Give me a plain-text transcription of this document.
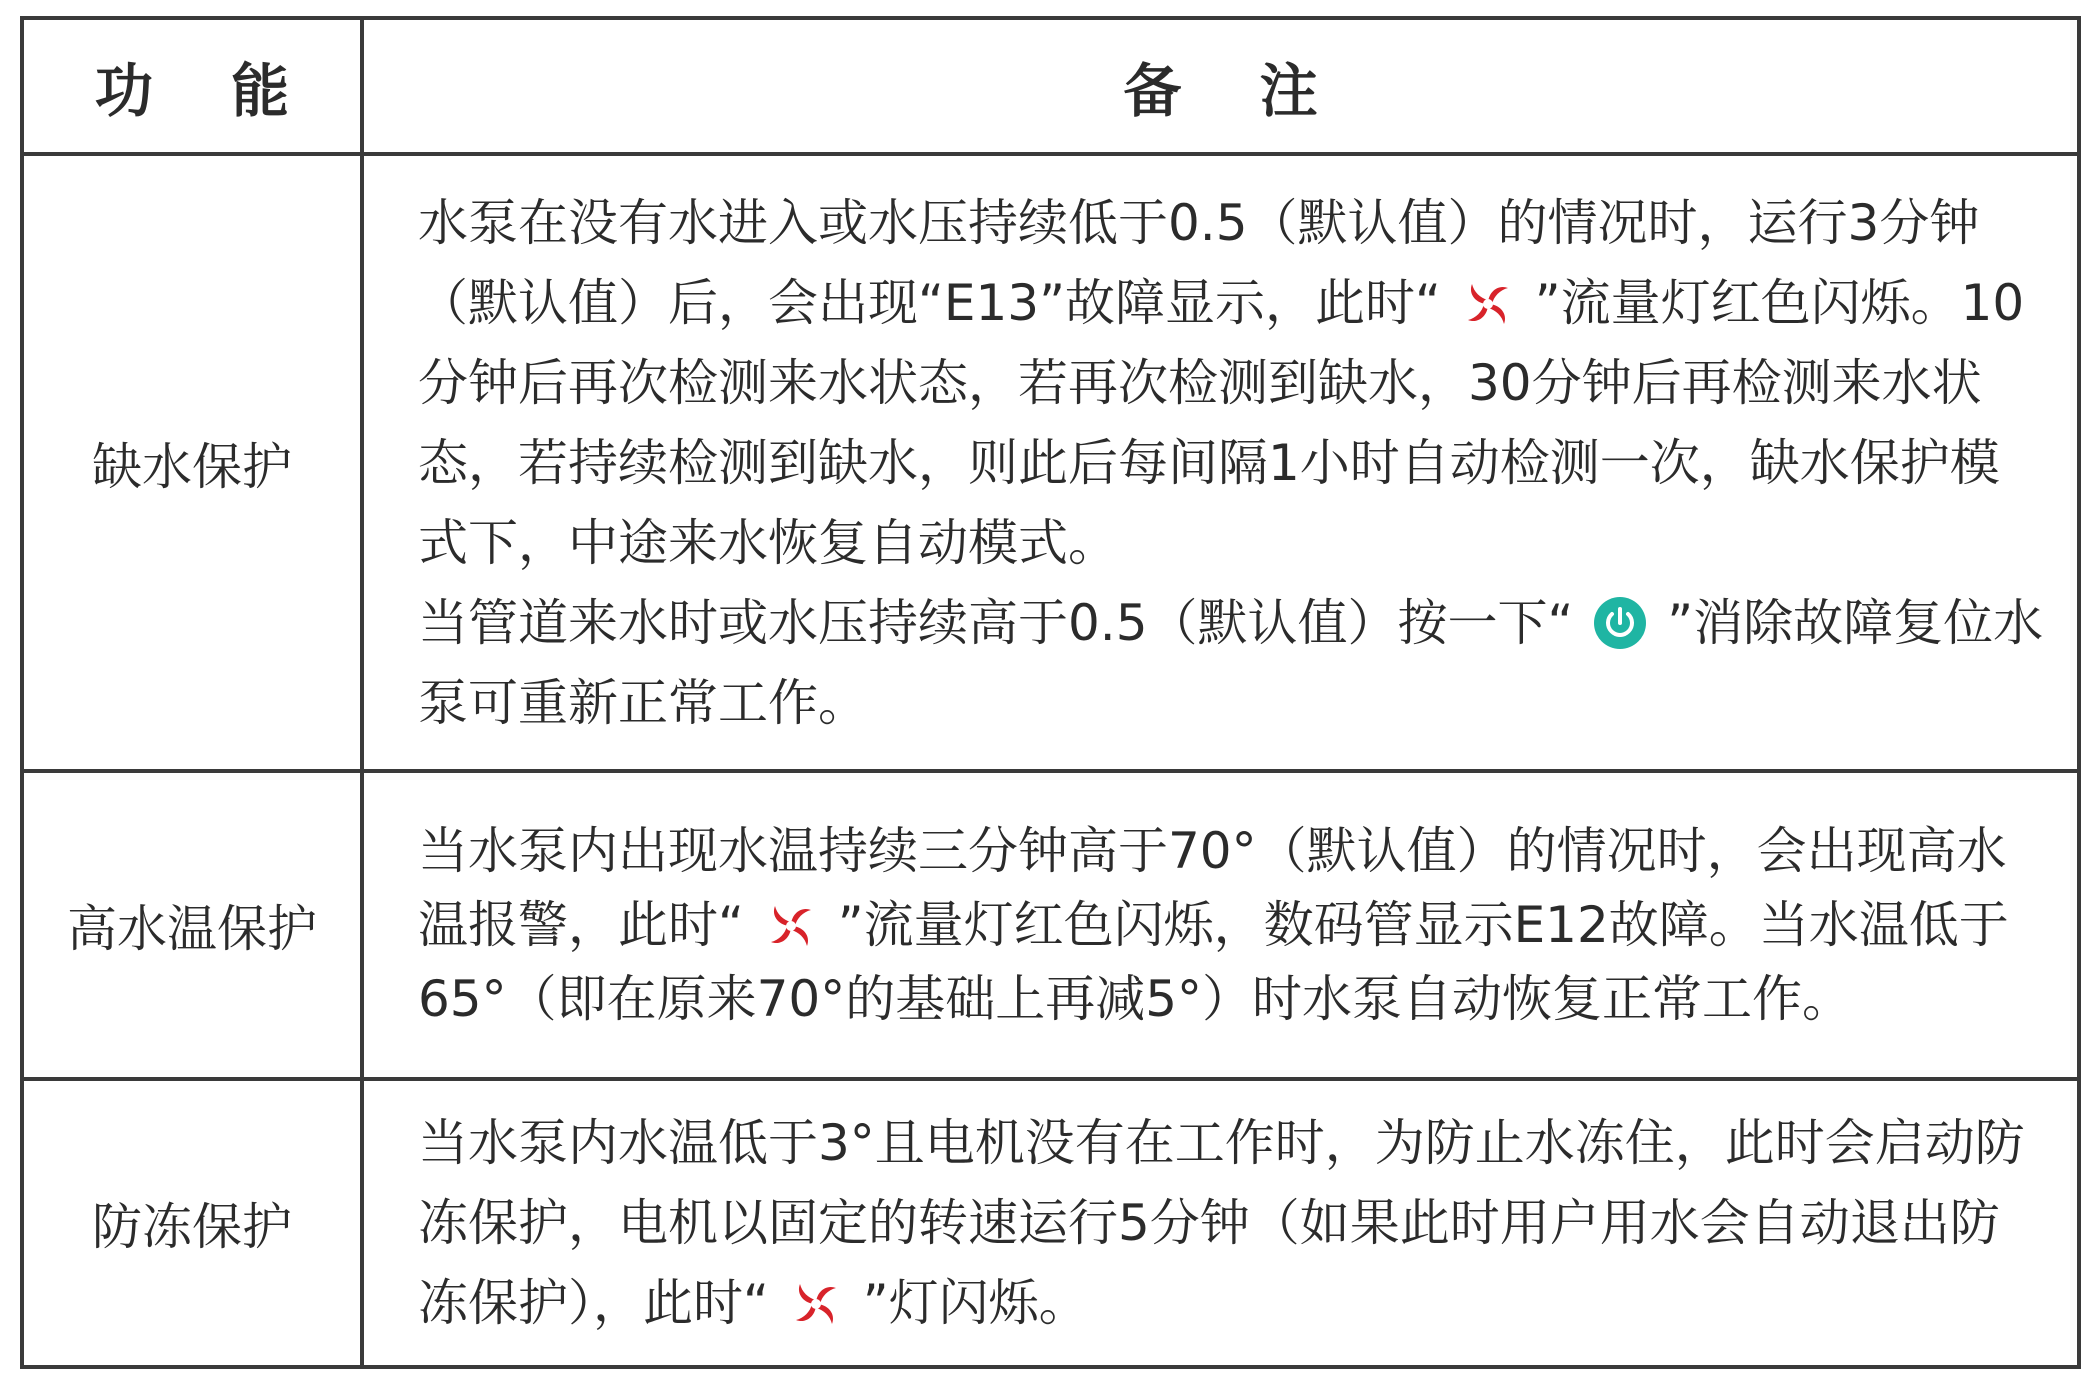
功 能	备 注
缺水保护	水泵在没有水进入或水压持续低于0.5（默认值）的情况时，运行3分钟（默认值）后，会出现“E13”故障显示，此时“  ”流量灯红色闪烁。10分钟后再次检测来水状态，若再次检测到缺水，30分钟后再检测来水状态，若持续检测到缺水，则此后每间隔1小时自动检测一次，缺水保护模式下，中途来水恢复自动模式。
当管道来水时或水压持续高于0.5（默认值）按一下“  ”消除故障复位水泵可重新正常工作。

高水温保护	当水泵内出现水温持续三分钟高于70°（默认值）的情况时，会出现高水温报警，此时“  ”流量灯红色闪烁，数码管显示E12故障。当水温低于65°（即在原来70°的基础上再减5°）时水泵自动恢复正常工作。

防冻保护	当水泵内水温低于3°且电机没有在工作时，为防止水冻住，此时会启动防冻保护，电机以固定的转速运行5分钟（如果此时用户用水会自动退出防冻保护），此时“  ”灯闪烁。
